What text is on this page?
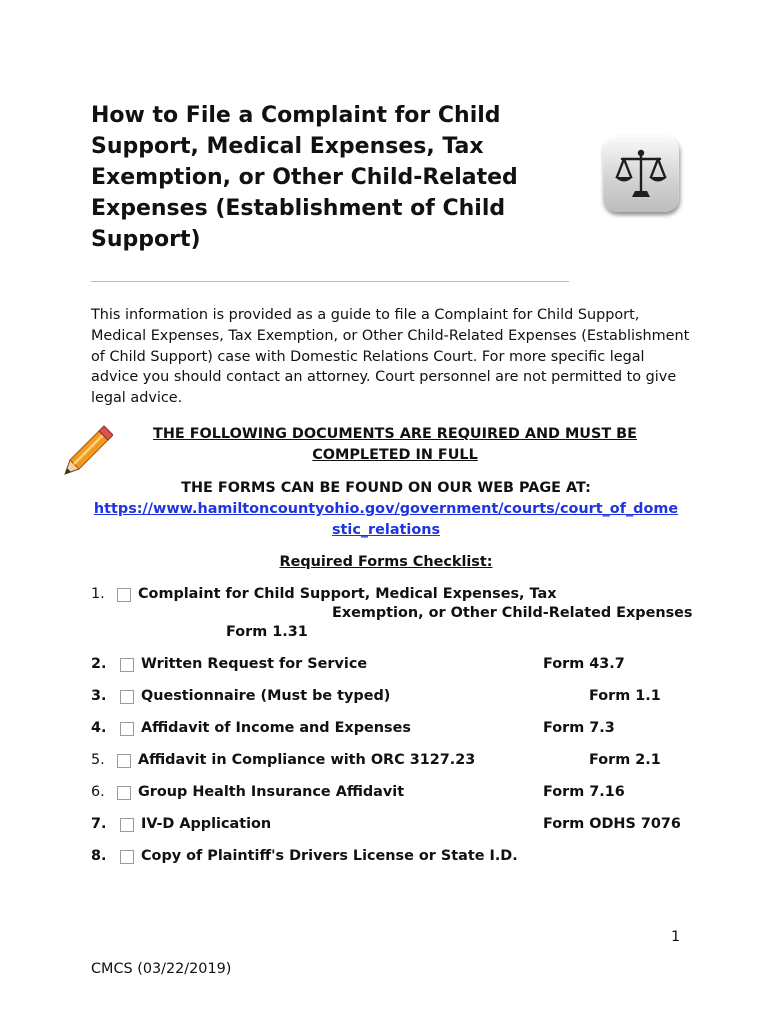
How to File a Complaint for Child Support, Medical Expenses, Tax Exemption, or Other Child-Related Expenses (Establishment of Child Support)

This information is provided as a guide to file a Complaint for Child Support, Medical Expenses, Tax Exemption, or Other Child-Related Expenses (Establishment of Child Support) case with Domestic Relations Court. For more specific legal advice you should contact an attorney. Court personnel are not permitted to give legal advice.

THE FOLLOWING DOCUMENTS ARE REQUIRED AND MUST BE
COMPLETED IN FULL

THE FORMS CAN BE FOUND ON OUR WEB PAGE AT:

https://www.hamiltoncountyohio.gov/government/courts/court_of_domestic_relations

Required Forms Checklist:

1. Complaint for Child Support, Medical Expenses, Tax
Exemption, or Other Child-Related Expenses
Form 1.31
2. Written Request for Service	Form 43.7
3. Questionnaire (Must be typed)	Form 1.1
4. Affidavit of Income and Expenses	Form 7.3
5. Affidavit in Compliance with ORC 3127.23	Form 2.1
6. Group Health Insurance Affidavit	Form 7.16
7. IV-D Application	Form ODHS 7076
8. Copy of Plaintiff's Drivers License or State I.D.
1
CMCS (03/22/2019)
